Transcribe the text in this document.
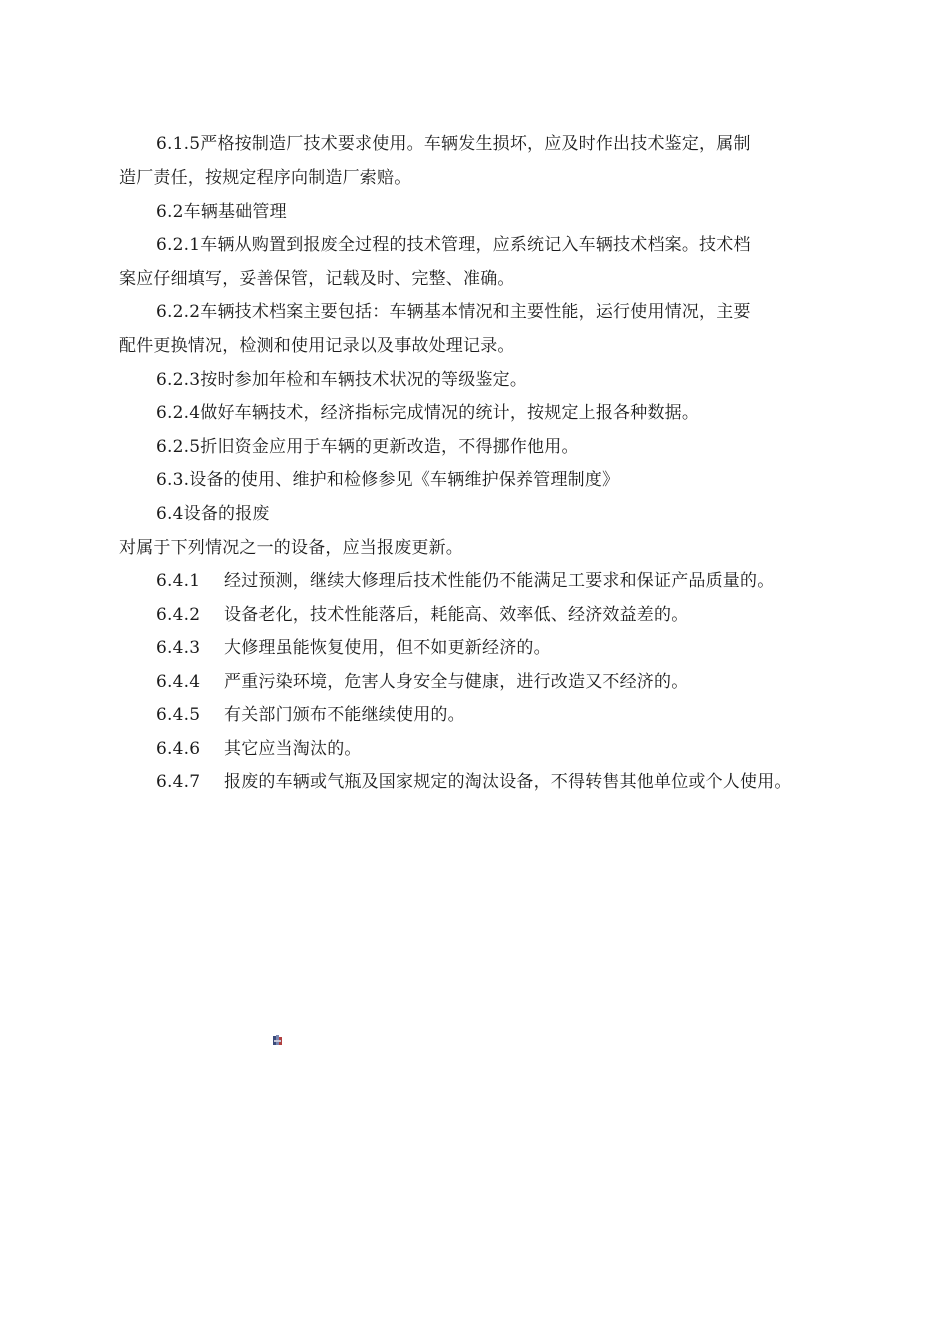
6.1.5严格按制造厂技术要求使用。车辆发生损坏，应及时作出技术鉴定，属制
造厂责任，按规定程序向制造厂索赔。
6.2车辆基础管理
6.2.1车辆从购置到报废全过程的技术管理，应系统记入车辆技术档案。技术档
案应仔细填写，妥善保管，记载及时、完整、准确。
6.2.2车辆技术档案主要包括：车辆基本情况和主要性能，运行使用情况，主要
配件更换情况，检测和使用记录以及事故处理记录。
6.2.3按时参加年检和车辆技术状况的等级鉴定。
6.2.4做好车辆技术，经济指标完成情况的统计，按规定上报各种数据。
6.2.5折旧资金应用于车辆的更新改造，不得挪作他用。
6.3.设备的使用、维护和检修参见《车辆维护保养管理制度》
6.4设备的报废
对属于下列情况之一的设备，应当报废更新。
6.4.1 经过预测，继续大修理后技术性能仍不能满足工要求和保证产品质量的。
6.4.2 设备老化，技术性能落后，耗能高、效率低、经济效益差的。
6.4.3 大修理虽能恢复使用，但不如更新经济的。
6.4.4 严重污染环境，危害人身安全与健康，进行改造又不经济的。
6.4.5 有关部门颁布不能继续使用的。
6.4.6 其它应当淘汰的。
6.4.7 报废的车辆或气瓶及国家规定的淘汰设备，不得转售其他单位或个人使用。
